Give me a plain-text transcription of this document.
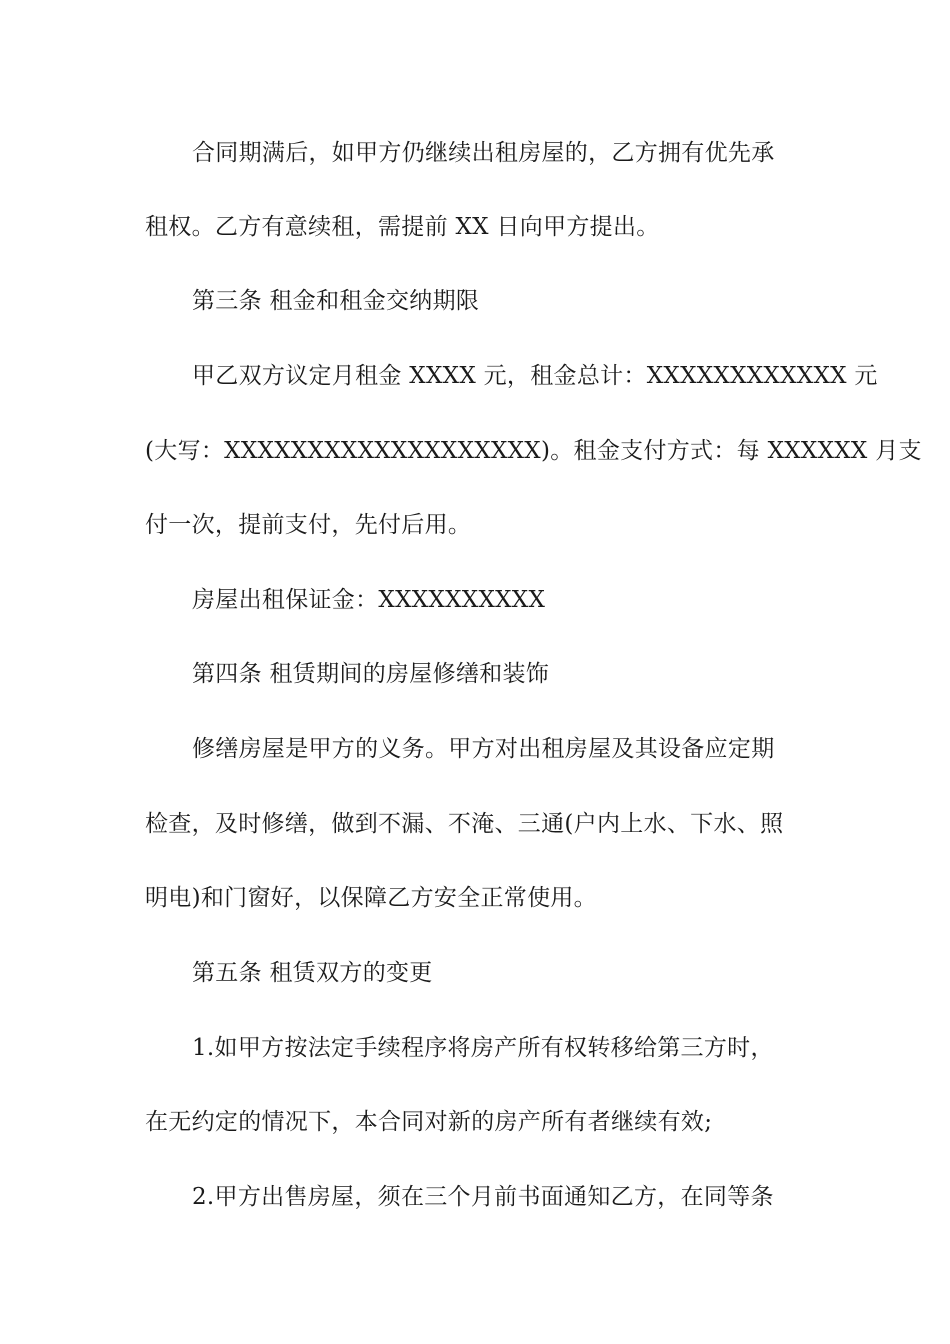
合同期满后，如甲方仍继续出租房屋的，乙方拥有优先承
租权。乙方有意续租，需提前 XX 日向甲方提出。
第三条 租金和租金交纳期限
甲乙双方议定月租金 XXXX 元，租金总计：XXXXXXXXXXXX 元
(大写：XXXXXXXXXXXXXXXXXXX)。租金支付方式：每 XXXXXX 月支
付一次，提前支付，先付后用。
房屋出租保证金：XXXXXXXXXX
第四条 租赁期间的房屋修缮和装饰
修缮房屋是甲方的义务。甲方对出租房屋及其设备应定期
检查，及时修缮，做到不漏、不淹、三通(户内上水、下水、照
明电)和门窗好，以保障乙方安全正常使用。
第五条 租赁双方的变更
1.如甲方按法定手续程序将房产所有权转移给第三方时，
在无约定的情况下，本合同对新的房产所有者继续有效;
2.甲方出售房屋，须在三个月前书面通知乙方，在同等条
